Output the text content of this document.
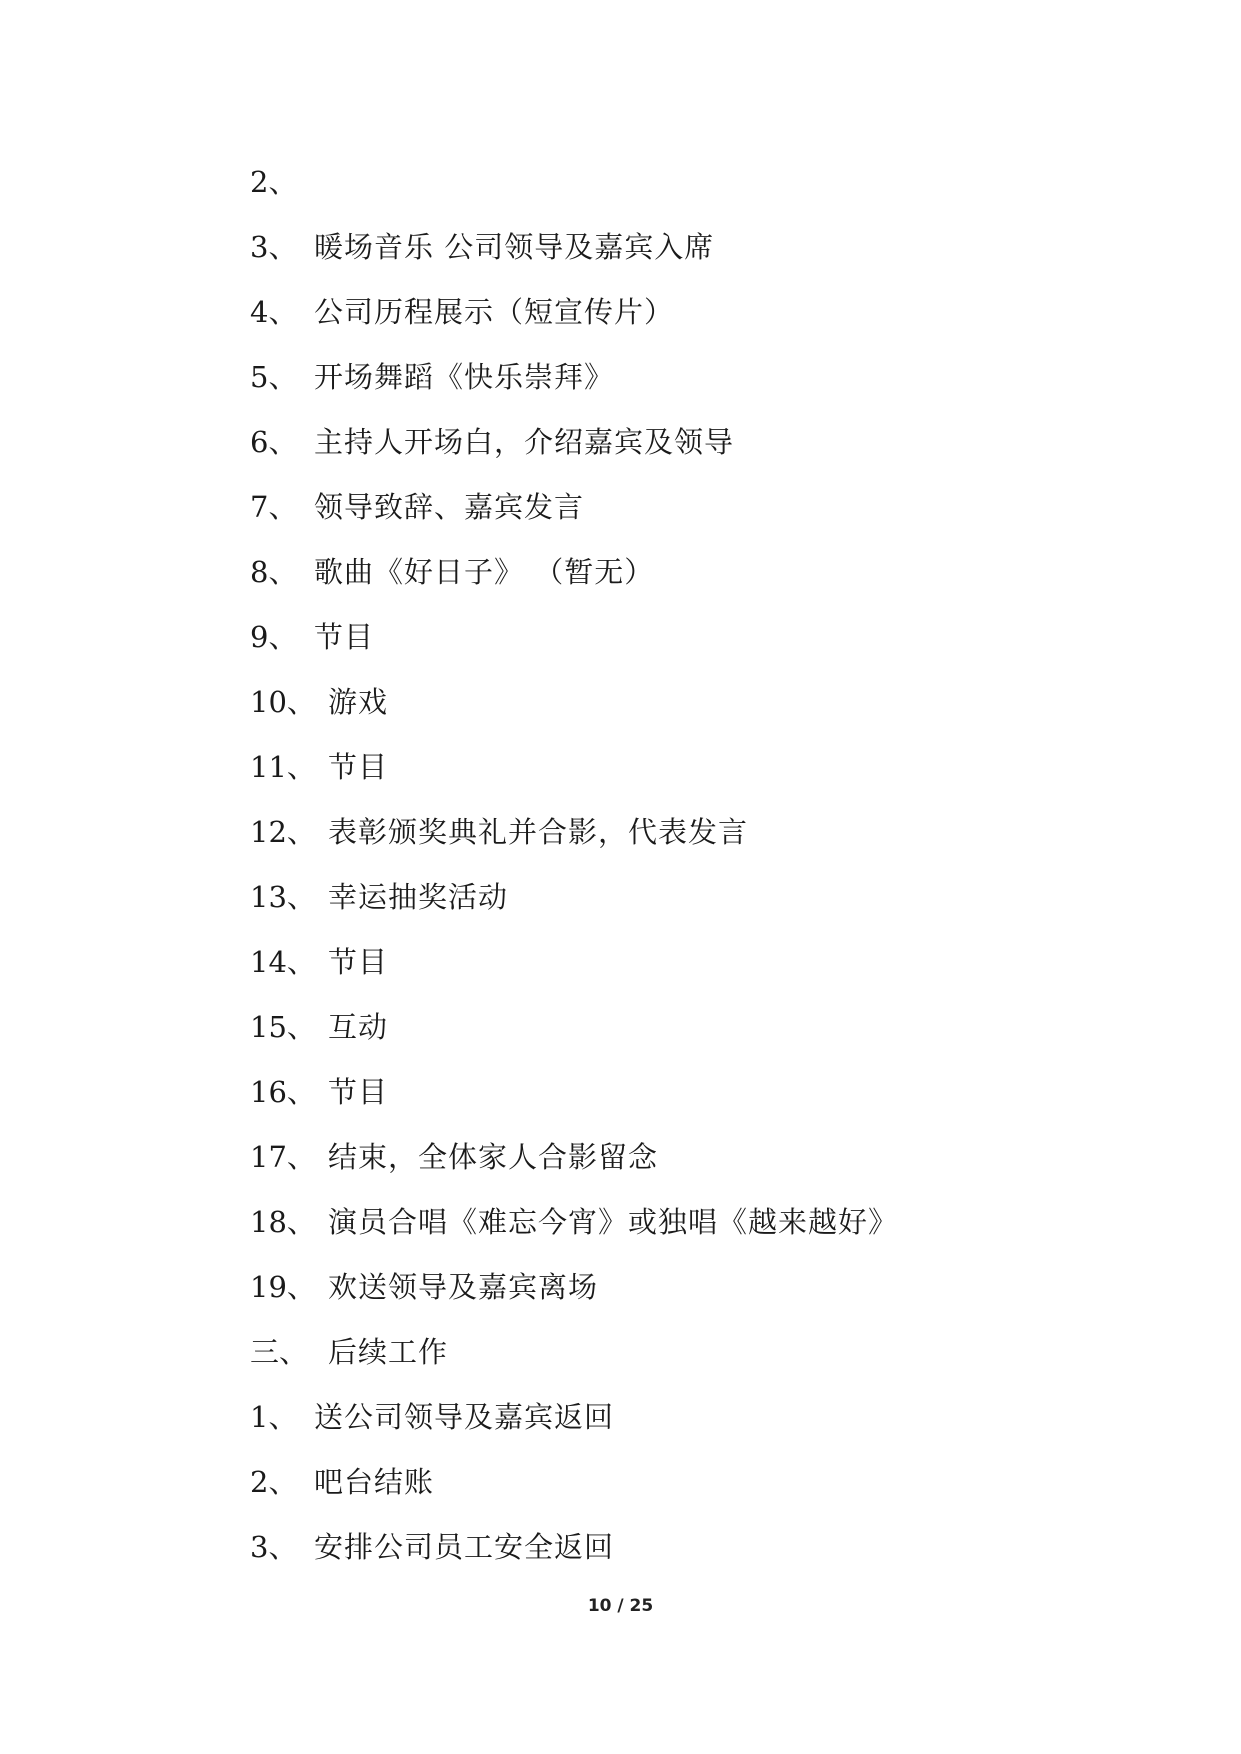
2、
3、 暖场音乐 公司领导及嘉宾入席
4、 公司历程展示（短宣传片）
5、 开场舞蹈《快乐崇拜》
6、 主持人开场白，介绍嘉宾及领导
7、 领导致辞、嘉宾发言
8、 歌曲《好日子》 （暂无）
9、 节目
10、 游戏
11、 节目
12、 表彰颁奖典礼并合影，代表发言
13、 幸运抽奖活动
14、 节目
15、 互动
16、 节目
17、 结束，全体家人合影留念
18、 演员合唱《难忘今宵》或独唱《越来越好》
19、 欢送领导及嘉宾离场
三、 后续工作
1、 送公司领导及嘉宾返回
2、 吧台结账
3、 安排公司员工安全返回
10 / 25
